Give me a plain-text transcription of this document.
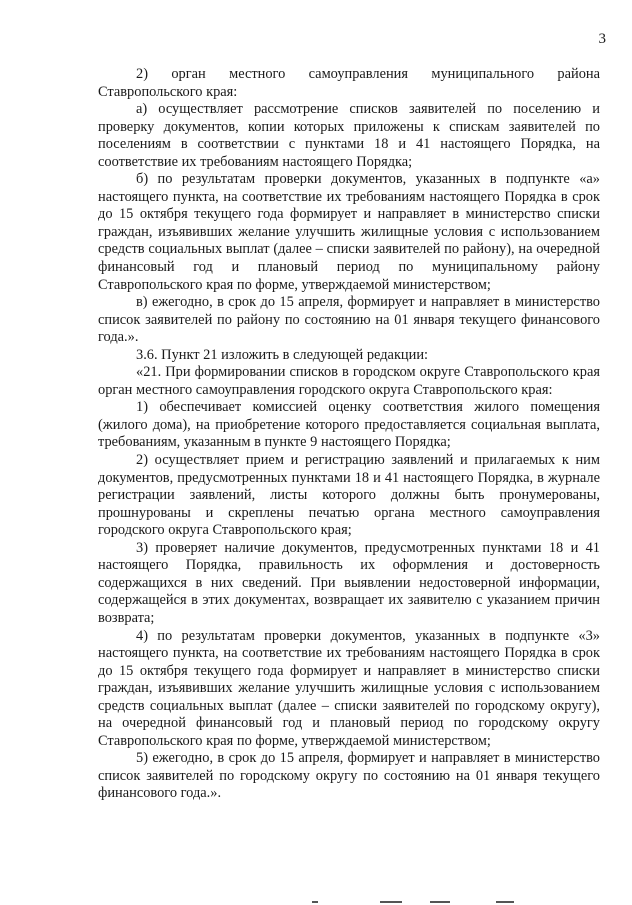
3

2) орган местного самоуправления муниципального района Ставропольского края:

а) осуществляет рассмотрение списков заявителей по поселению и проверку документов, копии которых приложены к спискам заявителей по поселениям в соответствии с пунктами 18 и 41 настоящего Порядка, на соответствие их требованиям настоящего Порядка;

б) по результатам проверки документов, указанных в подпункте «а» настоящего пункта, на соответствие их требованиям настоящего Порядка в срок до 15 октября текущего года формирует и направляет в министерство списки граждан, изъявивших желание улучшить жилищные условия с использованием средств социальных выплат (далее – списки заявителей по району), на очередной финансовый год и плановый период по муниципальному району Ставропольского края по форме, утверждаемой министерством;

в) ежегодно, в срок до 15 апреля, формирует и направляет в министерство список заявителей по району по состоянию на 01 января текущего финансового года.».

3.6. Пункт 21 изложить в следующей редакции:

«21. При формировании списков в городском округе Ставропольского края орган местного самоуправления городского округа Ставропольского края:

1) обеспечивает комиссией оценку соответствия жилого помещения (жилого дома), на приобретение которого предоставляется социальная выплата, требованиям, указанным в пункте 9 настоящего Порядка;

2) осуществляет прием и регистрацию заявлений и прилагаемых к ним документов, предусмотренных пунктами 18 и 41 настоящего Порядка, в журнале регистрации заявлений, листы которого должны быть пронумерованы, прошнурованы и скреплены печатью органа местного самоуправления городского округа Ставропольского края;

3) проверяет наличие документов, предусмотренных пунктами 18 и 41 настоящего Порядка, правильность их оформления и достоверность содержащихся в них сведений. При выявлении недостоверной информации, содержащейся в этих документах, возвращает их заявителю с указанием причин возврата;

4) по результатам проверки документов, указанных в подпункте «3» настоящего пункта, на соответствие их требованиям настоящего Порядка в срок до 15 октября текущего года формирует и направляет в министерство списки граждан, изъявивших желание улучшить жилищные условия с использованием средств социальных выплат (далее – списки заявителей по городскому округу), на очередной финансовый год и плановый период по городскому округу Ставропольского края по форме, утверждаемой министерством;

5) ежегодно, в срок до 15 апреля, формирует и направляет в министерство список заявителей по городскому округу по состоянию на 01 января текущего финансового года.».
